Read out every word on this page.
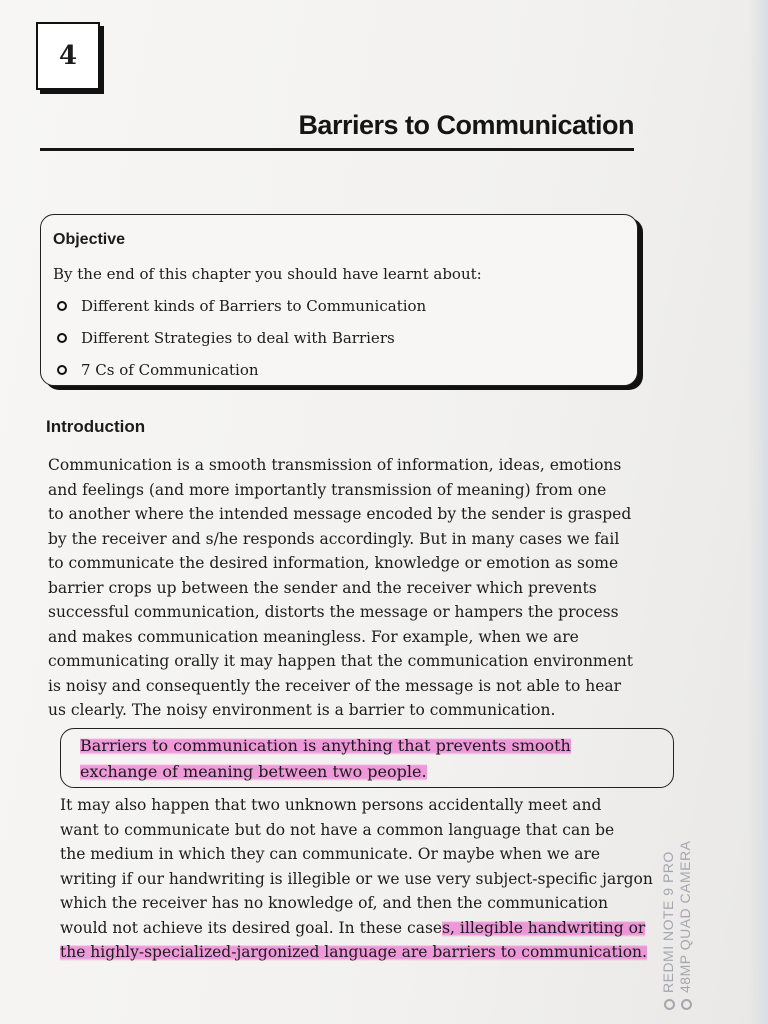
4
Barriers to Communication
Objective
By the end of this chapter you should have learnt about:
Different kinds of Barriers to Communication
Different Strategies to deal with Barriers
7 Cs of Communication
Introduction
Communication is a smooth transmission of information, ideas, emotions
and feelings (and more importantly transmission of meaning) from one
to another where the intended message encoded by the sender is grasped
by the receiver and s/he responds accordingly. But in many cases we fail
to communicate the desired information, knowledge or emotion as some
barrier crops up between the sender and the receiver which prevents
successful communication, distorts the message or hampers the process
and makes communication meaningless. For example, when we are
communicating orally it may happen that the communication environment
is noisy and consequently the receiver of the message is not able to hear
us clearly. The noisy environment is a barrier to communication.
Barriers to communication is anything that prevents smooth
exchange of meaning between two people.
It may also happen that two unknown persons accidentally meet and
want to communicate but do not have a common language that can be
the medium in which they can communicate. Or maybe when we are
writing if our handwriting is illegible or we use very subject-specific jargon
which the receiver has no knowledge of, and then the communication
would not achieve its desired goal. In these cases, illegible handwriting or
the highly-specialized-jargonized language are barriers to communication. REDMI NOTE 9 PRO 48MP QUAD CAMERA
